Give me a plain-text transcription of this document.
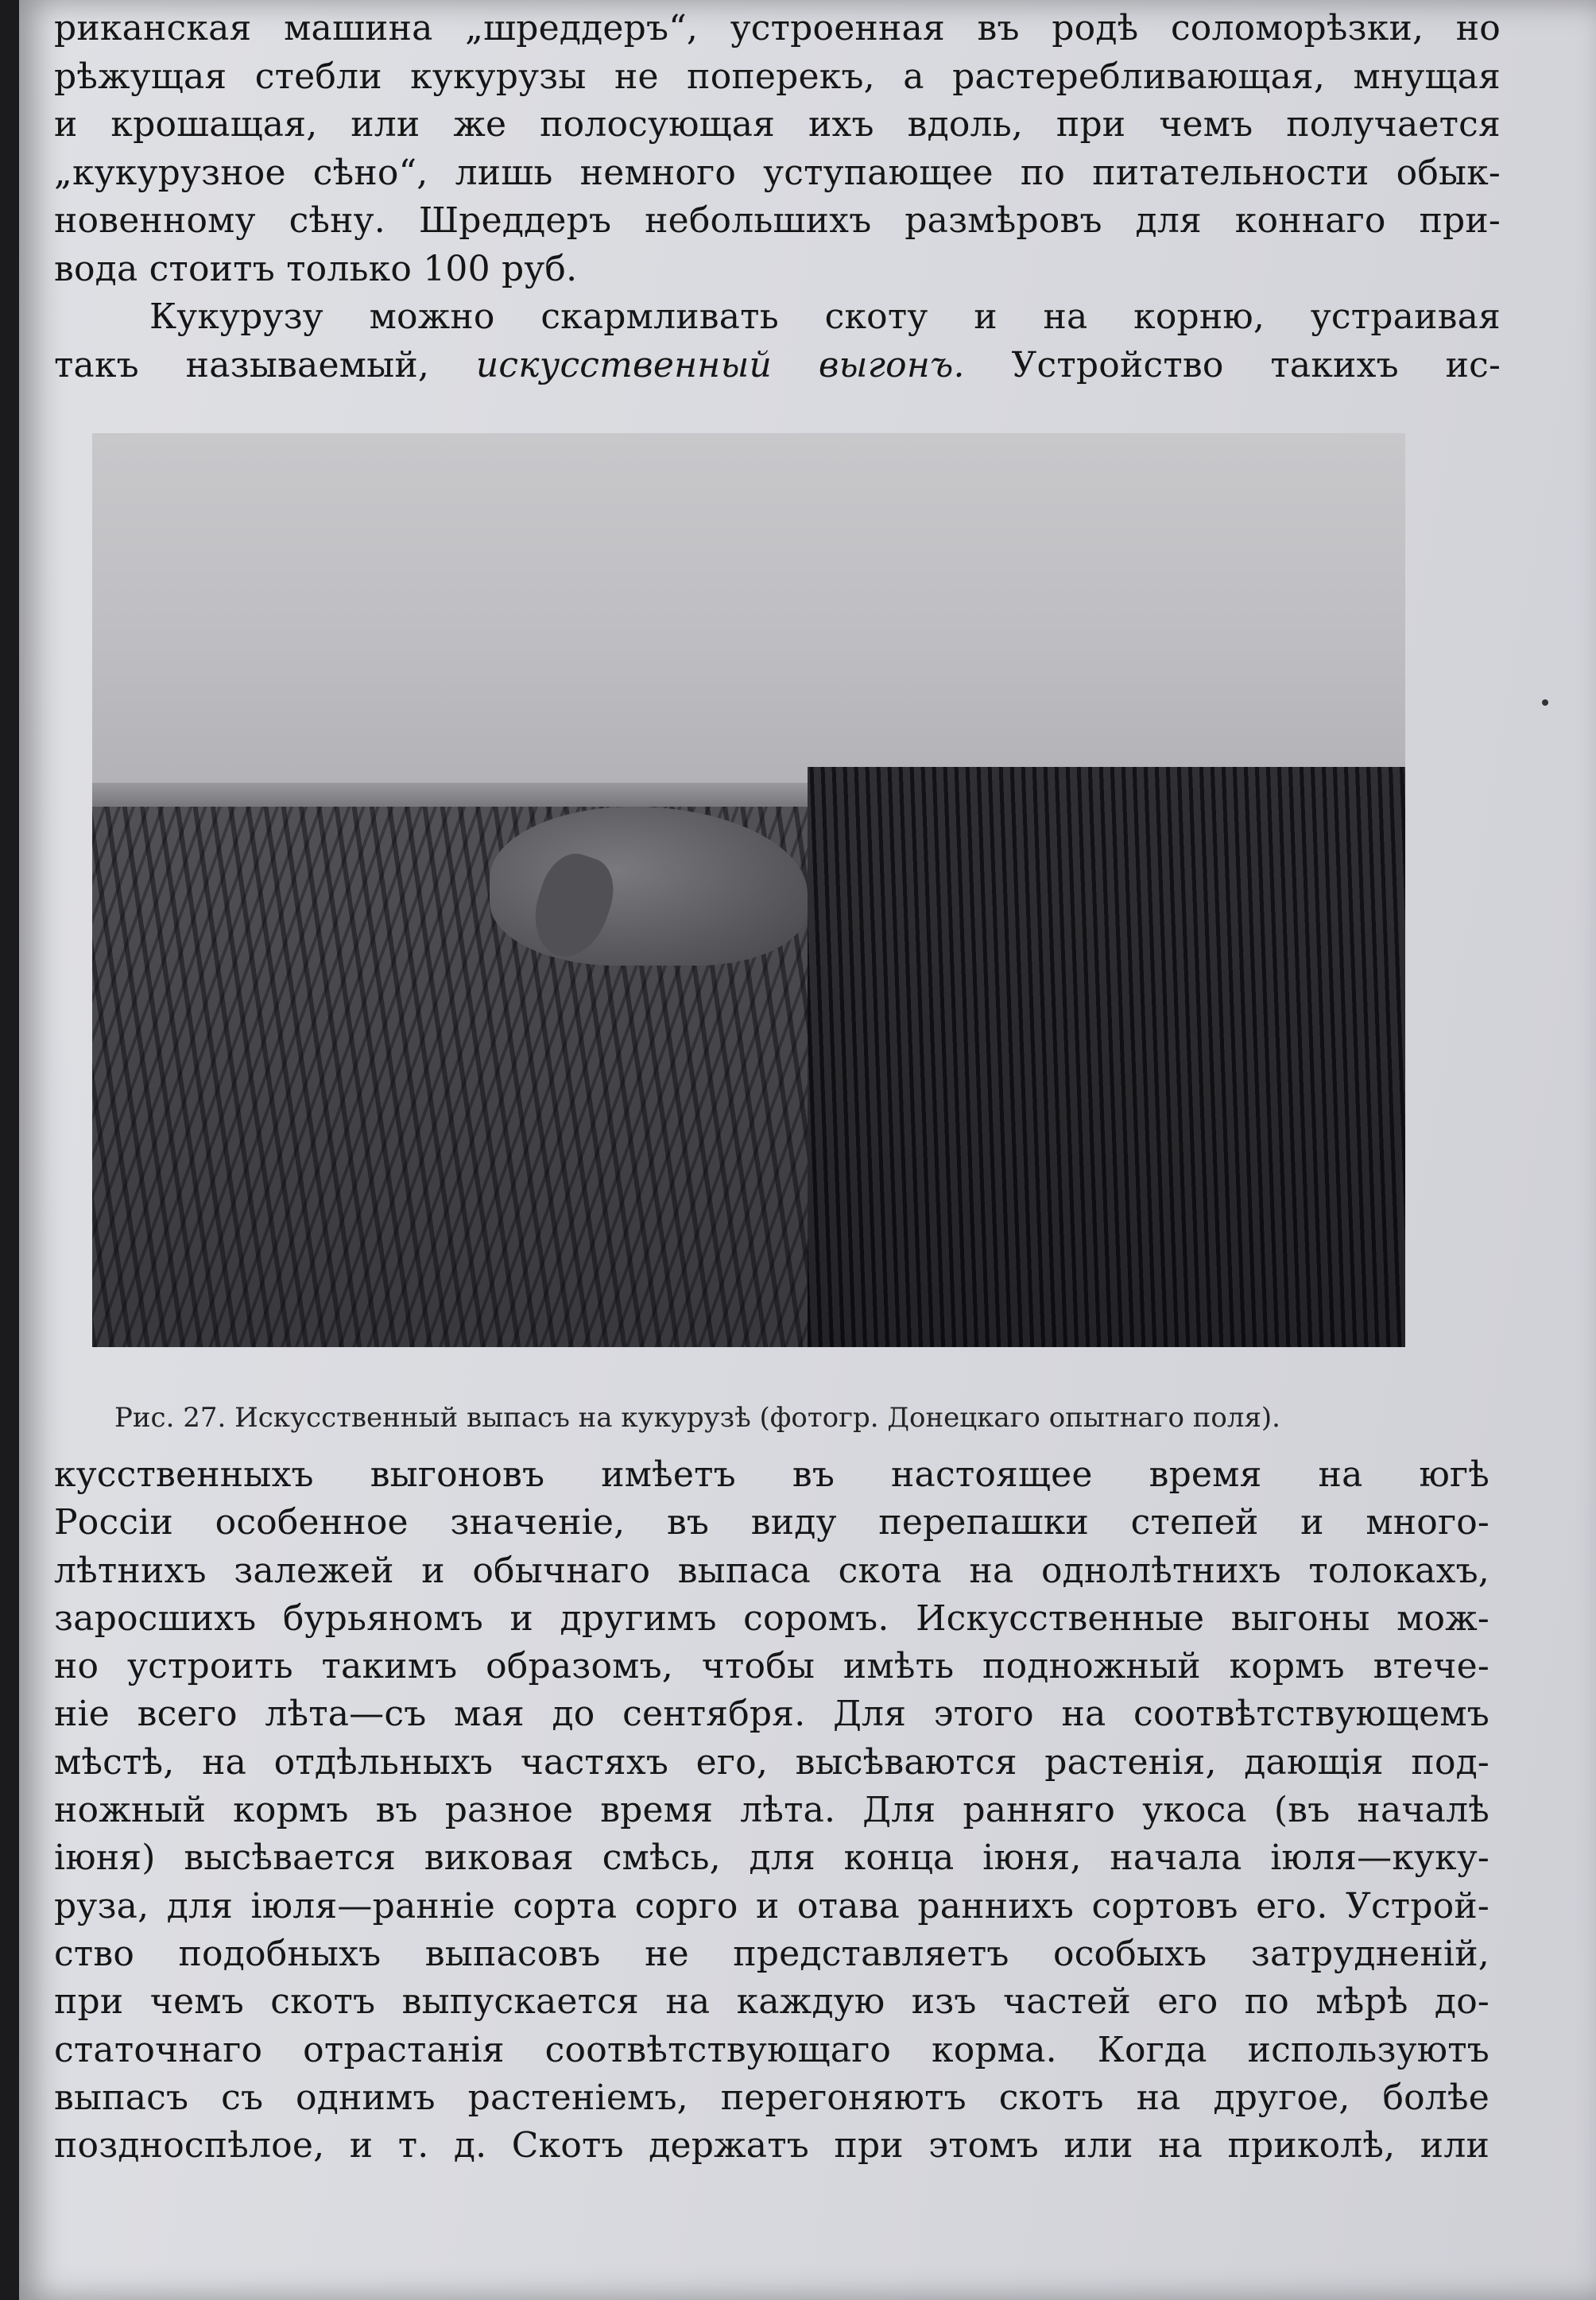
риканская машина „шреддеръ“, устроенная въ родѣ соломорѣзки, но
рѣжущая стебли кукурузы не поперекъ, а растеребливающая, мнущая
и крошащая, или же полосующая ихъ вдоль, при чемъ получается
„кукурузное сѣно“, лишь немного уступающее по питательности обык-
новенному сѣну. Шреддеръ небольшихъ размѣровъ для коннаго при-
вода стоитъ только 100 руб.
Кукурузу можно скармливать скоту и на корню, устраивая
такъ называемый, искусственный выгонъ. Устройство такихъ ис-
Рис. 27. Искусственный выпасъ на кукурузѣ (фотогр. Донецкаго опытнаго поля).
кусственныхъ выгоновъ имѣетъ въ настоящее время на югѣ
Россіи особенное значеніе, въ виду перепашки степей и много-
лѣтнихъ залежей и обычнаго выпаса скота на однолѣтнихъ толокахъ,
заросшихъ бурьяномъ и другимъ соромъ. Искусственные выгоны мож-
но устроить такимъ образомъ, чтобы имѣть подножный кормъ втече-
ніе всего лѣта—съ мая до сентября. Для этого на соотвѣтствующемъ
мѣстѣ, на отдѣльныхъ частяхъ его, высѣваются растенія, дающія под-
ножный кормъ въ разное время лѣта. Для ранняго укоса (въ началѣ
іюня) высѣвается виковая смѣсь, для конца іюня, начала іюля—куку-
руза, для іюля—ранніе сорта сорго и отава раннихъ сортовъ его. Устрой-
ство подобныхъ выпасовъ не представляетъ особыхъ затрудненій,
при чемъ скотъ выпускается на каждую изъ частей его по мѣрѣ до-
статочнаго отрастанія соотвѣтствующаго корма. Когда используютъ
выпасъ съ однимъ растеніемъ, перегоняютъ скотъ на другое, болѣе
поздноспѣлое, и т. д. Скотъ держатъ при этомъ или на приколѣ, или
